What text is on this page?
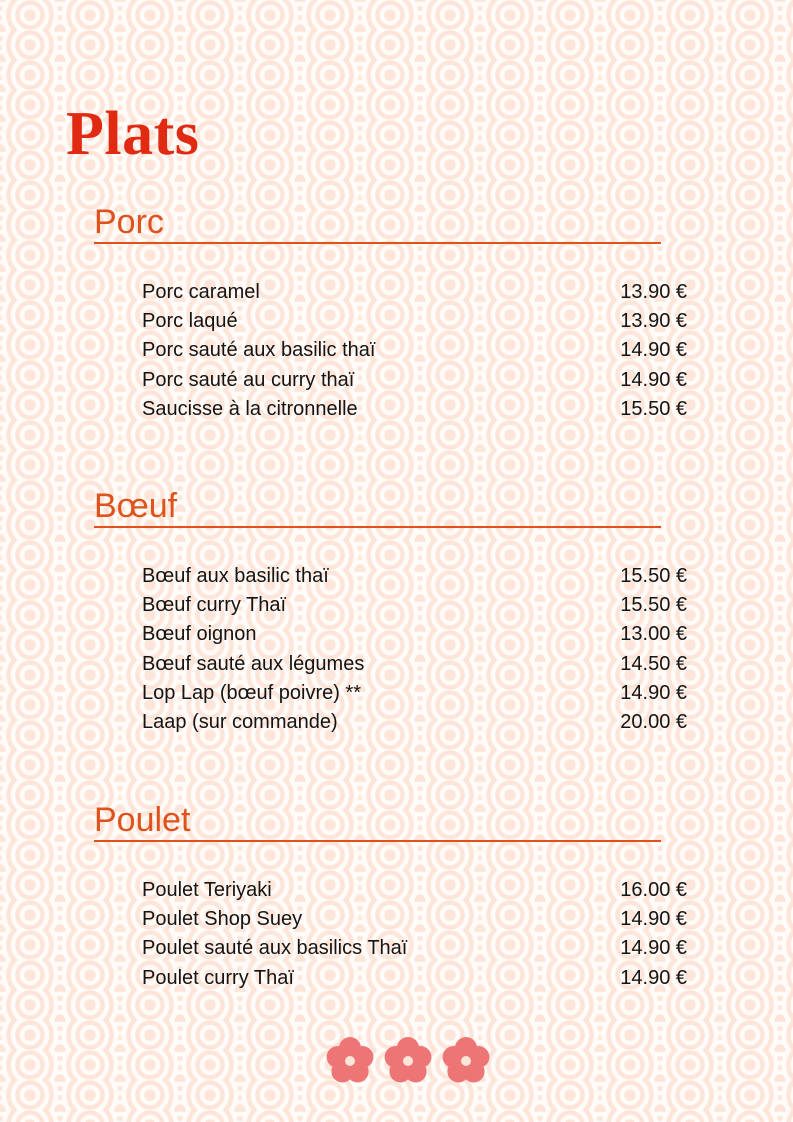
Plats
Porc
Porc caramel	13.90 €
Porc laqué	13.90 €
Porc sauté aux basilic thaï	14.90 €
Porc sauté au curry thaï	14.90 €
Saucisse à la citronnelle	15.50 €
Bœuf
Bœuf aux basilic thaï	15.50 €
Bœuf curry Thaï	15.50 €
Bœuf oignon	13.00 €
Bœuf sauté aux légumes	14.50 €
Lop Lap (bœuf poivre) **	14.90 €
Laap (sur commande)	20.00 €
Poulet
Poulet Teriyaki	16.00 €
Poulet Shop Suey	14.90 €
Poulet sauté aux basilics Thaï	14.90 €
Poulet curry Thaï	14.90 €
